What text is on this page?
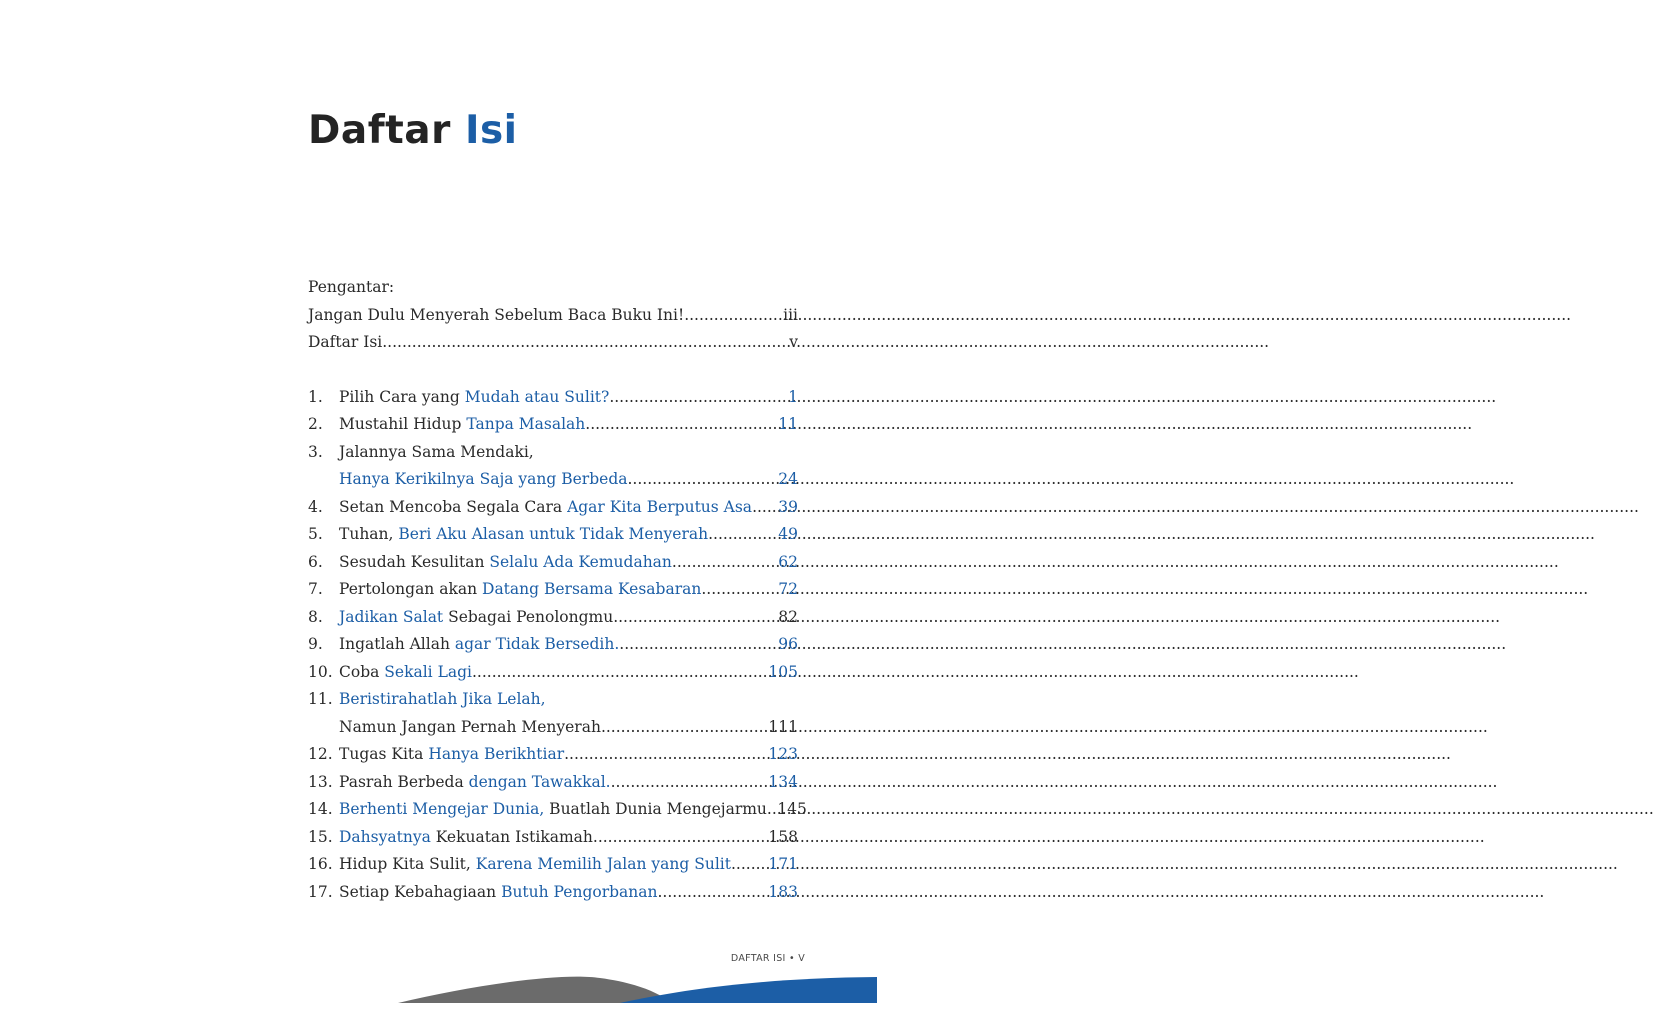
Daftar Isi
Pengantar:
Jangan Dulu Menyerah Sebelum Baca Buku Ini! .....	iii
Daftar Isi .....	v
1.	Pilih Cara yang Mudah atau Sulit? .....	1
2.	Mustahil Hidup Tanpa Masalah .....	11
3.	Jalannya Sama Mendaki,
Hanya Kerikilnya Saja yang Berbeda .....	24
4.	Setan Mencoba Segala Cara Agar Kita Berputus Asa .....	39
5.	Tuhan, Beri Aku Alasan untuk Tidak Menyerah .....	49
6.	Sesudah Kesulitan Selalu Ada Kemudahan .....	62
7.	Pertolongan akan Datang Bersama Kesabaran .....	72
8.	Jadikan Salat Sebagai Penolongmu .....	82
9.	Ingatlah Allah agar Tidak Bersedih. .....	96
10. Coba Sekali Lagi .....	105
11. Beristirahatlah Jika Lelah,
Namun Jangan Pernah Menyerah .....	111
12. Tugas Kita Hanya Berikhtiar .....	123
13. Pasrah Berbeda dengan Tawakkal. .....	134
14. Berhenti Mengejar Dunia, Buatlah Dunia Mengejarmu ..... 145
15. Dahsyatnya Kekuatan Istikamah. .....	158
16. Hidup Kita Sulit, Karena Memilih Jalan yang Sulit ..... 171
17. Setiap Kebahagiaan Butuh Pengorbanan .....	183
DAFTAR ISI • V
